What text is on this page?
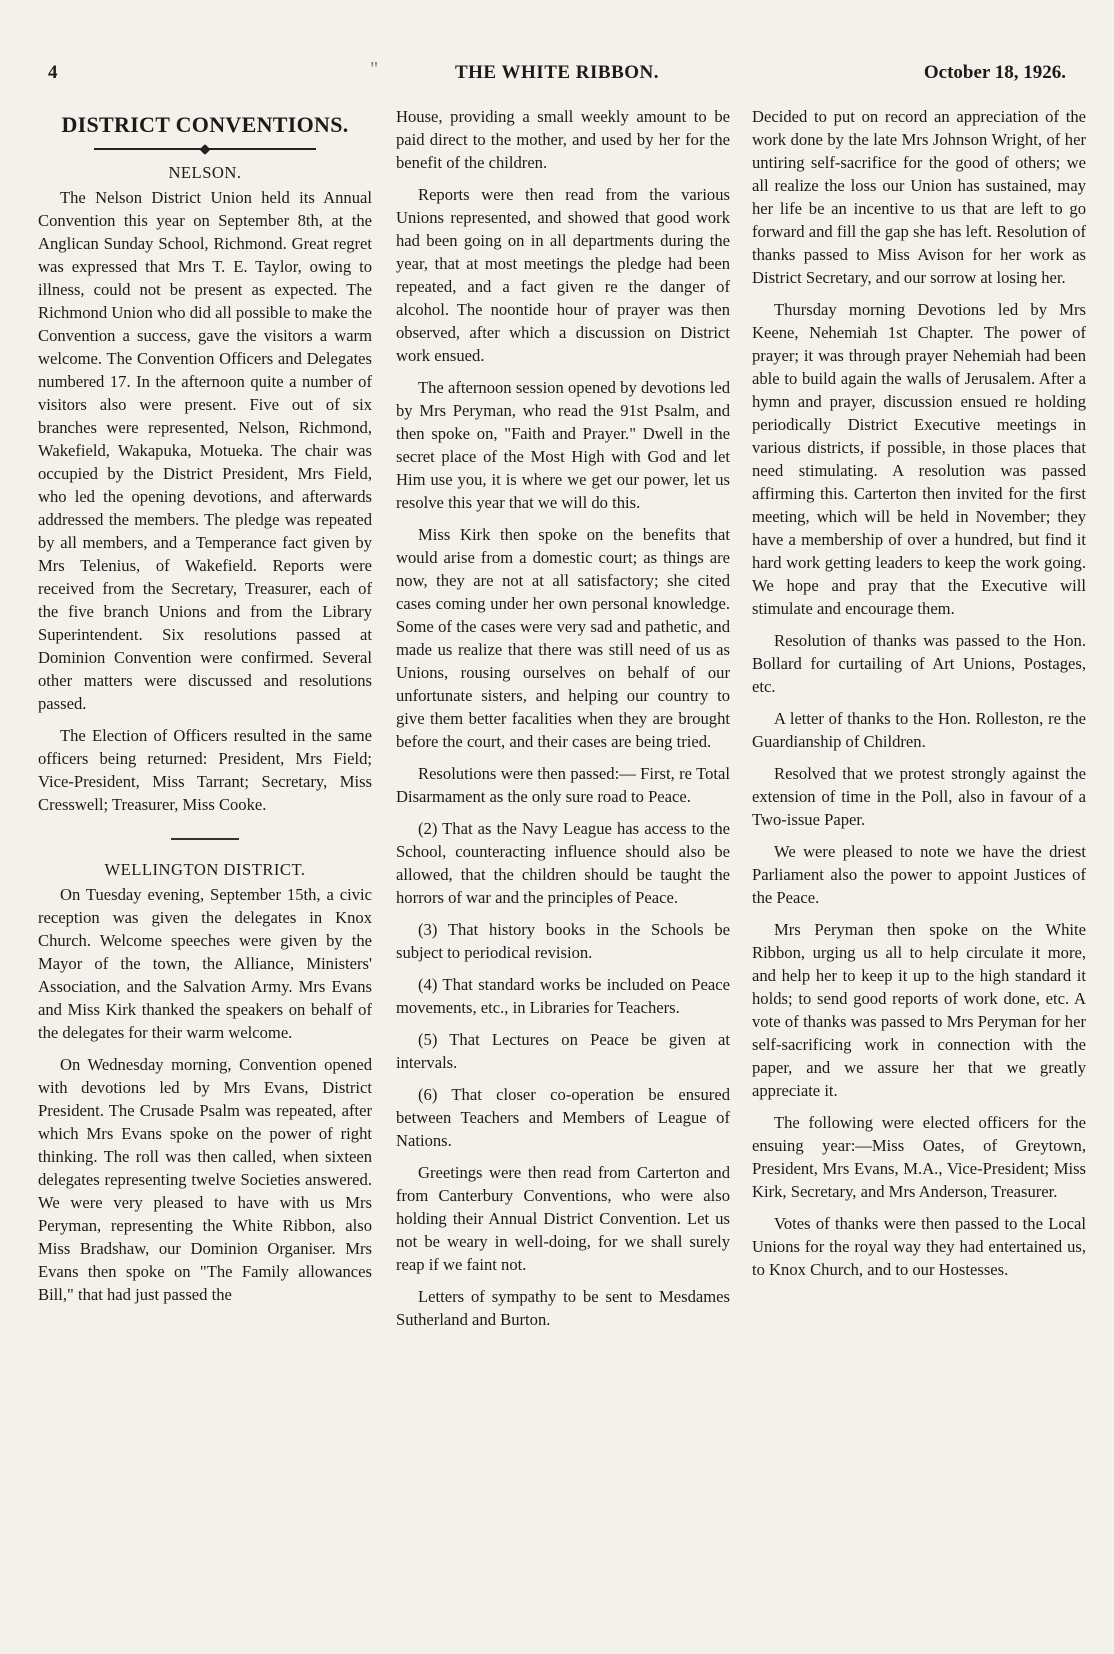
4	"	THE WHITE RIBBON.	October 18, 1926.
DISTRICT CONVENTIONS.
NELSON.

The Nelson District Union held its Annual Convention this year on September 8th, at the Anglican Sunday School, Richmond. Great regret was expressed that Mrs T. E. Taylor, owing to illness, could not be present as expected. The Richmond Union who did all possible to make the Convention a success, gave the visitors a warm welcome. The Convention Officers and Delegates numbered 17. In the afternoon quite a number of visitors also were present. Five out of six branches were represented, Nelson, Richmond, Wakefield, Wakapuka, Motueka. The chair was occupied by the District President, Mrs Field, who led the opening devotions, and afterwards addressed the members. The pledge was repeated by all members, and a Temperance fact given by Mrs Telenius, of Wakefield. Reports were received from the Secretary, Treasurer, each of the five branch Unions and from the Library Superintendent. Six resolutions passed at Dominion Convention were confirmed. Several other matters were discussed and resolutions passed.

The Election of Officers resulted in the same officers being returned: President, Mrs Field; Vice-President, Miss Tarrant; Secretary, Miss Cresswell; Treasurer, Miss Cooke.

WELLINGTON DISTRICT.

On Tuesday evening, September 15th, a civic reception was given the delegates in Knox Church. Welcome speeches were given by the Mayor of the town, the Alliance, Ministers' Association, and the Salvation Army. Mrs Evans and Miss Kirk thanked the speakers on behalf of the delegates for their warm welcome.

On Wednesday morning, Convention opened with devotions led by Mrs Evans, District President. The Crusade Psalm was repeated, after which Mrs Evans spoke on the power of right thinking. The roll was then called, when sixteen delegates representing twelve Societies answered. We were very pleased to have with us Mrs Peryman, representing the White Ribbon, also Miss Bradshaw, our Dominion Organiser. Mrs Evans then spoke on "The Family allowances Bill," that had just passed the

House, providing a small weekly amount to be paid direct to the mother, and used by her for the benefit of the children.

Reports were then read from the various Unions represented, and showed that good work had been going on in all departments during the year, that at most meetings the pledge had been repeated, and a fact given re the danger of alcohol. The noontide hour of prayer was then observed, after which a discussion on District work ensued.

The afternoon session opened by devotions led by Mrs Peryman, who read the 91st Psalm, and then spoke on, "Faith and Prayer." Dwell in the secret place of the Most High with God and let Him use you, it is where we get our power, let us resolve this year that we will do this.

Miss Kirk then spoke on the benefits that would arise from a domestic court; as things are now, they are not at all satisfactory; she cited cases coming under her own personal knowledge. Some of the cases were very sad and pathetic, and made us realize that there was still need of us as Unions, rousing ourselves on behalf of our unfortunate sisters, and helping our country to give them better facalities when they are brought before the court, and their cases are being tried.

Resolutions were then passed:— First, re Total Disarmament as the only sure road to Peace.

(2) That as the Navy League has access to the School, counteracting influence should also be allowed, that the children should be taught the horrors of war and the principles of Peace.

(3) That history books in the Schools be subject to periodical revision.

(4) That standard works be included on Peace movements, etc., in Libraries for Teachers.

(5) That Lectures on Peace be given at intervals.

(6) That closer co-operation be ensured between Teachers and Members of League of Nations.

Greetings were then read from Carterton and from Canterbury Conventions, who were also holding their Annual District Convention. Let us not be weary in well-doing, for we shall surely reap if we faint not.

Letters of sympathy to be sent to Mesdames Sutherland and Burton.

Decided to put on record an appreciation of the work done by the late Mrs Johnson Wright, of her untiring self-sacrifice for the good of others; we all realize the loss our Union has sustained, may her life be an incentive to us that are left to go forward and fill the gap she has left. Resolution of thanks passed to Miss Avison for her work as District Secretary, and our sorrow at losing her.

Thursday morning Devotions led by Mrs Keene, Nehemiah 1st Chapter. The power of prayer; it was through prayer Nehemiah had been able to build again the walls of Jerusalem. After a hymn and prayer, discussion ensued re holding periodically District Executive meetings in various districts, if possible, in those places that need stimulating. A resolution was passed affirming this. Carterton then invited for the first meeting, which will be held in November; they have a membership of over a hundred, but find it hard work getting leaders to keep the work going. We hope and pray that the Executive will stimulate and encourage them.

Resolution of thanks was passed to the Hon. Bollard for curtailing of Art Unions, Postages, etc.

A letter of thanks to the Hon. Rolleston, re the Guardianship of Children.

Resolved that we protest strongly against the extension of time in the Poll, also in favour of a Two-issue Paper.

We were pleased to note we have the driest Parliament also the power to appoint Justices of the Peace.

Mrs Peryman then spoke on the White Ribbon, urging us all to help circulate it more, and help her to keep it up to the high standard it holds; to send good reports of work done, etc. A vote of thanks was passed to Mrs Peryman for her self-sacrificing work in connection with the paper, and we assure her that we greatly appreciate it.

The following were elected officers for the ensuing year:—Miss Oates, of Greytown, President, Mrs Evans, M.A., Vice-President; Miss Kirk, Secretary, and Mrs Anderson, Treasurer.

Votes of thanks were then passed to the Local Unions for the royal way they had entertained us, to Knox Church, and to our Hostesses.
